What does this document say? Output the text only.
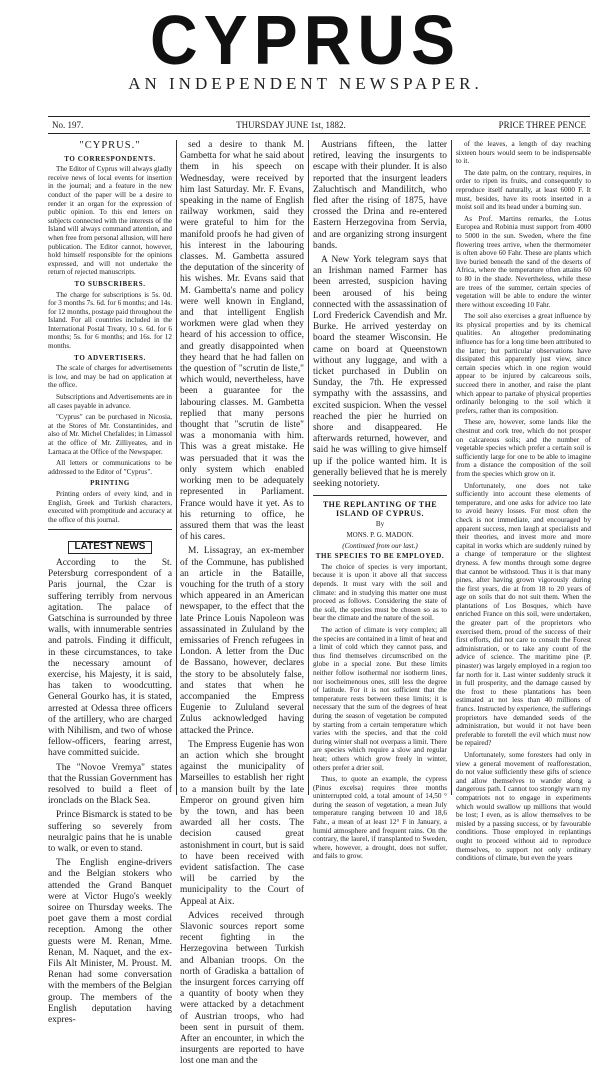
CYPRUS
AN INDEPENDENT NEWSPAPER.
No. 197.	THURSDAY JUNE 1st, 1882.	PRICE THREE PENCE
"CYPRUS."
TO CORRESPONDENTS.

The Editor of Cyprus will always gladly receive news of local events for insertion in the journal; and a feature in the new conduct of the paper will be a desire to render it an organ for the expression of public opinion. To this end letters on subjects connected with the interests of the Island will always command attention, and when free from personal allusion, will here publication. The Editor cannot, however, hold himself responsible for the opinions expressed, and will not undertake the return of rejected manuscripts.

TO SUBSCRIBERS.

The charge for subscriptions is 5s. 0d. for 3 months 7s. 6d. for 6 months; and 14s. for 12 months, postage paid throughout the Island. For all countries included in the International Postal Treaty, 10 s. 6d. for 6 months; 5s. for 6 months; and 16s. for 12 months.

TO ADVERTISERS.

The scale of charges for advertisements is low, and may be had on application at the office.

Subscriptions and Advertisements are in all cases payable in advance.

"Cyprus" can be purchased in Nicosia, at the Stores of Mr. Constantinides, and also of Mr. Michel Chefalides; in Limassol at the office of Mr. Zilliyeates, and in Larnaca at the Office of the Newspaper.

All letters or communications to be addressed to the Editor of "Cyprus".

PRINTING

Printing orders of every kind, and in English, Greek and Turkish characters, executed with promptitude and accuracy at the office of this journal.

LATEST NEWS

According to the St. Petersburg correspondent of a Paris journal, the Czar is suffering terribly from nervous agitation. The palace of Gatschina is surrounded by three walls, with innumerable sentries and patrols. Finding it difficult, in these circumstances, to take the necessary amount of exercise, his Majesty, it is said, has taken to woodcutting. General Gourko has, it is stated, arrested at Odessa three officers of the artillery, who are charged with Nihilism, and two of whose fellow-officers, fearing arrest, have committed suicide.

The "Novoe Vremya" states that the Russian Government has resolved to build a fleet of ironclads on the Black Sea.

Prince Bismarck is stated to be suffering so severely from neuralgic pains that he is unable to walk, or even to stand.

The English engine-drivers and the Belgian stokers who attended the Grand Banquet were at Victor Hugo's weekly soiree on Thursday weeks. The poet gave them a most cordial reception. Among the other guests were M. Renan, Mme. Renan, M. Naquet, and the ex-Fils Alt Minister, M. Proust. M. Renan had some conversation with the members of the Belgian group. The members of the English deputation having expres-

sed a desire to thank M. Gambetta for what he said about them in his speech on Wednesday, were received by him last Saturday. Mr. F. Evans, speaking in the name of English railway workmen, said they were grateful to him for the manifold proofs he had given of his interest in the labouring classes. M. Gambetta assured the deputation of the sincerity of his wishes. Mr. Evans said that M. Gambetta's name and policy were well known in England, and that intelligent English workmen were glad when they heard of his accession to office, and greatly disappointed when they heard that he had fallen on the question of "scrutin de liste," which would, nevertheless, have been a guarantee for the labouring classes. M. Gambetta replied that many persons thought that "scrutin de liste" was a monomania with him. This was a great mistake. He was persuaded that it was the only system which enabled working men to be adequately represented in Parliament. France would have it yet. As to his returning to office, he assured them that was the least of his cares.

M. Lissagray, an ex-member of the Commune, has published an article in the Bataille, vouching for the truth of a story which appeared in an American newspaper, to the effect that the late Prince Louis Napoleon was assassinated in Zululand by the emissaries of French refugees in London. A letter from the Duc de Bassano, however, declares the story to be absolutely false, and states that when he accompanied the Empress Eugenie to Zululand several Zulus acknowledged having attacked the Prince.

The Empress Eugenie has won an action which she brought against the municipality of Marseilles to establish her right to a mansion built by the late Emperor on ground given him by the town, and has been awarded all her costs. The decision caused great astonishment in court, but is said to have been received with evident satisfaction. The case will be carried by the municipality to the Court of Appeal at Aix.

Advices received through Slavonic sources report some recent fighting in the Herzegovina between Turkish and Albanian troops. On the north of Gradiska a battalion of the insurgent forces carrying off a quantity of booty when they were attacked by a detachment of Austrian troops, who had been sent in pursuit of them. After an encounter, in which the insurgents are reported to have lost one man and the

Austrians fifteen, the latter retired, leaving the insurgents to escape with their plunder. It is also reported that the insurgent leaders Zaluchtisch and Mandilitch, who fled after the rising of 1875, have crossed the Drina and re-entered Eastern Herzegovina from Servia, and are organizing strong insurgent bands.

A New York telegram says that an Irishman named Farmer has been arrested, suspicion having been aroused of his being connected with the assassination of Lord Frederick Cavendish and Mr. Burke. He arrived yesterday on board the steamer Wisconsin. He came on board at Queenstown without any luggage, and with a ticket purchased in Dublin on Sunday, the 7th. He expressed sympathy with the assassins, and excited suspicion. When the vessel reached the pier he hurried on shore and disappeared. He afterwards returned, however, and said he was willing to give himself up if the police wanted him. It is generally believed that he is merely seeking notoriety.

THE REPLANTING OF THE ISLAND OF CYPRUS.
By
MONS. P. G. MADON.
(Continued from our last.)
THE SPECIES TO BE EMPLOYED.

The choice of species is very important, because it is upon it above all that success depends. It must vary with the soil and climate: and in studying this matter one must proceed as follows. Considering the state of the soil, the species must be chosen so as to bear the climate and the nature of the soil.

The action of climate is very complex; all the species are contained in a limit of heat and a limit of cold which they cannot pass, and thus find themselves circumscribed on the globe in a special zone. But these limits neither follow isothermal nor isotherm lines, nor isocheimenous ones, still less the degree of latitude. For it is not sufficient that the temperature rests between these limits; it is necessary that the sum of the degrees of heat during the season of vegetation be computed by starting from a certain temperature which varies with the species, and that the cold during winter shall not overpass a limit. There are species which require a slow and regular heat; others which grow freely in winter, others prefer a drier soil.

Thus, to quote an example, the cypress (Pinus excelsa) requires three months uninterrupted cold, a total amount of 14,50 ° during the season of vegetation, a mean July temperature ranging between 10 and 18,6 Fahr., a mean of at least 12° F in January, a humid atmosphere and frequent rains. On the contrary, the laurel, if transplanted to Sweden, where, however, a drought, does not suffer, and fails to grow.

of the leaves, a length of day reaching sixteen hours would seem to be indispensable to it.

The date palm, on the contrary, requires, in order to ripen its fruits, and consequently to reproduce itself naturally, at least 6000 F. It must, besides, have its roots inserted in a moist soil and its head under a burning sun.

As Prof. Martins remarks, the Lotus Europea and Robinia must support from 4000 to 5000 in the sun. Sweden, where the fine flowering trees arrive, when the thermometer is often above 60 Fahr. These are plants which live buried beneath the sand of the deserts of Africa, where the temperature often attains 60 to 80 in the shade. Nevertheless, while these are trees of the summer, certain species of vegetation will be able to endure the winter there without exceeding 10 Fahr.

The soil also exercises a great influence by its physical properties and by its chemical qualities. An altogether predominating influence has for a long time been attributed to the latter; but particular observations have dissipated this apparently just view, since certain species which in one region would appear to be injured by calcareous soils, succeed there in another, and raise the plant which appear to partake of physical properties ordinarily belonging to the soil which it prefers, rather than its composition.

These are, however, some lands like the chestnut and cork tree, which do not prosper on calcareous soils; and the number of vegetable species which prefer a certain soil is sufficiently large for one to be able to imagine from a distance the composition of the soil from the species which grow on it.

Unfortunately, one does not take sufficiently into account these elements of temperature, and one asks for advice too late to avoid heavy losses. For most often the check is not immediate, and encouraged by apparent success, men laugh at specialists and their theories, and invest more and more capital in works which are suddenly ruined by a change of temperature or the slightest dryness. A few months through some degree that cannot be withstood. Thus it is that many pines, after having grown vigorously during the first years, die at from 18 to 20 years of age on soils that do not suit them. When the plantations of Los Bosques, which have enriched France on this soil, were undertaken, the greater part of the proprietors who exercised them, proud of the success of their first efforts, did not care to consult the Forest administration, or to take any count of the advice of science. The maritime pine (P. pinaster) was largely employed in a region too far north for it. Last winter suddenly struck it in full prosperity, and the damage caused by the frost to these plantations has been estimated at not less than 40 millions of francs. Instructed by experience, the sufferings proprietors have demanded seeds of the administration, but would it not have been preferable to foretell the evil which must now be repaired?

Unfortunately, some foresters had only in view a general movement of reafforestation, do not value sufficiently these gifts of science and allow themselves to wander along a dangerous path. I cannot too strongly warn my compatriots not to engage in experiments which would swallow up millions that would be lost; I even, as is allow themselves to be misled by a passing success, or by favourable conditions. Those employed in replantings ought to proceed without aid to reproduce themselves, to support not only ordinary conditions of climate, but even the years
